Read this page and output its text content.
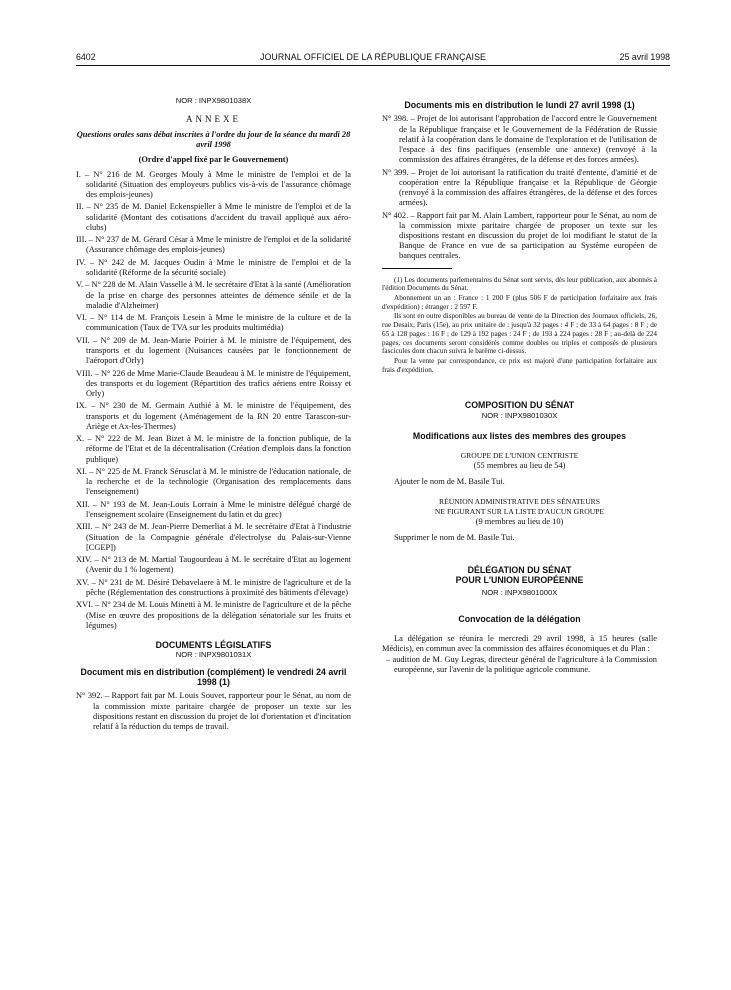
6402	JOURNAL OFFICIEL DE LA RÉPUBLIQUE FRANÇAISE	25 avril 1998

NOR : INPX9801038X

ANNEXE

Questions orales sans débat inscrites à l'ordre du jour de la séance du mardi 28 avril 1998

(Ordre d'appel fixé par le Gouvernement)

I. – N° 216 de M. Georges Mouly à Mme le ministre de l'emploi et de la solidarité (Situation des employeurs publics vis-à-vis de l'assurance chômage des emplois-jeunes)

II. – N° 235 de M. Daniel Eckenspieller à Mme le ministre de l'emploi et de la solidarité (Montant des cotisations d'accident du travail appliqué aux aéro-clubs)

III. – N° 237 de M. Gérard César à Mme le ministre de l'emploi et de la solidarité (Assurance chômage des emplois-jeunes)

IV. – N° 242 de M. Jacques Oudin à Mme le ministre de l'emploi et de la solidarité (Réforme de la sécurité sociale)

V. – N° 228 de M. Alain Vasselle à M. le secrétaire d'Etat à la santé (Amélioration de la prise en charge des personnes atteintes de démence sénile et de la maladie d'Alzheimer)

VI. – N° 114 de M. François Lesein à Mme le ministre de la culture et de la communication (Taux de TVA sur les produits multimédia)

VII. – N° 209 de M. Jean-Marie Poirier à M. le ministre de l'équipement, des transports et du logement (Nuisances causées par le fonctionnement de l'aéroport d'Orly)

VIII. – N° 226 de Mme Marie-Claude Beaudeau à M. le ministre de l'équipement, des transports et du logement (Répartition des trafics aériens entre Roissy et Orly)

IX. – N° 230 de M. Germain Authié à M. le ministre de l'équipement, des transports et du logement (Aménagement de la RN 20 entre Tarascon-sur-Ariège et Ax-les-Thermes)

X. – N° 222 de M. Jean Bizet à M. le ministre de la fonction publique, de la réforme de l'Etat et de la décentralisation (Création d'emplois dans la fonction publique)

XI. – N° 225 de M. Franck Sérusclat à M. le ministre de l'éducation nationale, de la recherche et de la technologie (Organisation des remplacements dans l'enseignement)

XII. – N° 193 de M. Jean-Louis Lorrain à Mme le ministre délégué chargé de l'enseignement scolaire (Enseignement du latin et du grec)

XIII. – N° 243 de M. Jean-Pierre Demerliat à M. le secrétaire d'Etat à l'industrie (Situation de la Compagnie générale d'électrolyse du Palais-sur-Vienne [CGEP])

XIV. – N° 213 de M. Martial Taugourdeau à M. le secrétaire d'Etat au logement (Avenir du 1 % logement)

XV. – N° 231 de M. Désiré Debavelaere à M. le ministre de l'agriculture et de la pêche (Réglementation des constructions à proximité des bâtiments d'élevage)

XVI. – N° 234 de M. Louis Minetti à M. le ministre de l'agriculture et de la pêche (Mise en œuvre des propositions de la délégation sénatoriale sur les fruits et légumes)

DOCUMENTS LÉGISLATIFS

NOR : INPX9801031X

Document mis en distribution (complément) le vendredi 24 avril 1998 (1)

N° 392. – Rapport fait par M. Louis Souvet, rapporteur pour le Sénat, au nom de la commission mixte paritaire chargée de proposer un texte sur les dispositions restant en discussion du projet de loi d'orientation et d'incitation relatif à la réduction du temps de travail.

Documents mis en distribution le lundi 27 avril 1998 (1)

N° 398. – Projet de loi autorisant l'approbation de l'accord entre le Gouvernement de la République française et le Gouvernement de la Fédération de Russie relatif à la coopération dans le domaine de l'exploration et de l'utilisation de l'espace à des fins pacifiques (ensemble une annexe) (renvoyé à la commission des affaires étrangères, de la défense et des forces armées).

N° 399. – Projet de loi autorisant la ratification du traité d'entente, d'amitié et de coopération entre la République française et la République de Géorgie (renvoyé à la commission des affaires étrangères, de la défense et des forces armées).

N° 402. – Rapport fait par M. Alain Lambert, rapporteur pour le Sénat, au nom de la commission mixte paritaire chargée de proposer un texte sur les dispositions restant en discussion du projet de loi modifiant le statut de la Banque de France en vue de sa participation au Système européen de banques centrales.

(1) Les documents parlementaires du Sénat sont servis, dès leur publication, aux abonnés à l'édition Documents du Sénat.

Abonnement un an : France : 1 200 F (plus 506 F de participation forfaitaire aux frais d'expédition) ; étranger : 2 597 F.

Ils sont en outre disponibles au bureau de vente de la Direction des Journaux officiels, 26, rue Desaix, Paris (15e), au prix unitaire de : jusqu'à 32 pages : 4 F ; de 33 à 64 pages : 8 F ; de 65 à 128 pages : 16 F ; de 129 à 192 pages : 24 F ; de 193 à 224 pages : 28 F ; au-delà de 224 pages, ces documents seront considérés comme doubles ou triples et composés de plusieurs fascicules dont chacun suivra le barème ci-dessus.

Pour la vente par correspondance, ce prix est majoré d'une participation forfaitaire aux frais d'expédition.

COMPOSITION DU SÉNAT

NOR : INPX9801030X

Modifications aux listes des membres des groupes

GROUPE DE L'UNION CENTRISTE

(55 membres au lieu de 54)

Ajouter le nom de M. Basile Tui.

RÉUNION ADMINISTRATIVE DES SÉNATEURS

NE FIGURANT SUR LA LISTE D'AUCUN GROUPE

(9 membres au lieu de 10)

Supprimer le nom de M. Basile Tui.

DÉLÉGATION DU SÉNAT

POUR L'UNION EUROPÉENNE

NOR : INPX9801000X

Convocation de la délégation

La délégation se réunira le mercredi 29 avril 1998, à 15 heures (salle Médicis), en commun avec la commission des affaires économiques et du Plan :

– audition de M. Guy Legras, directeur général de l'agriculture à la Commission européenne, sur l'avenir de la politique agricole commune.
